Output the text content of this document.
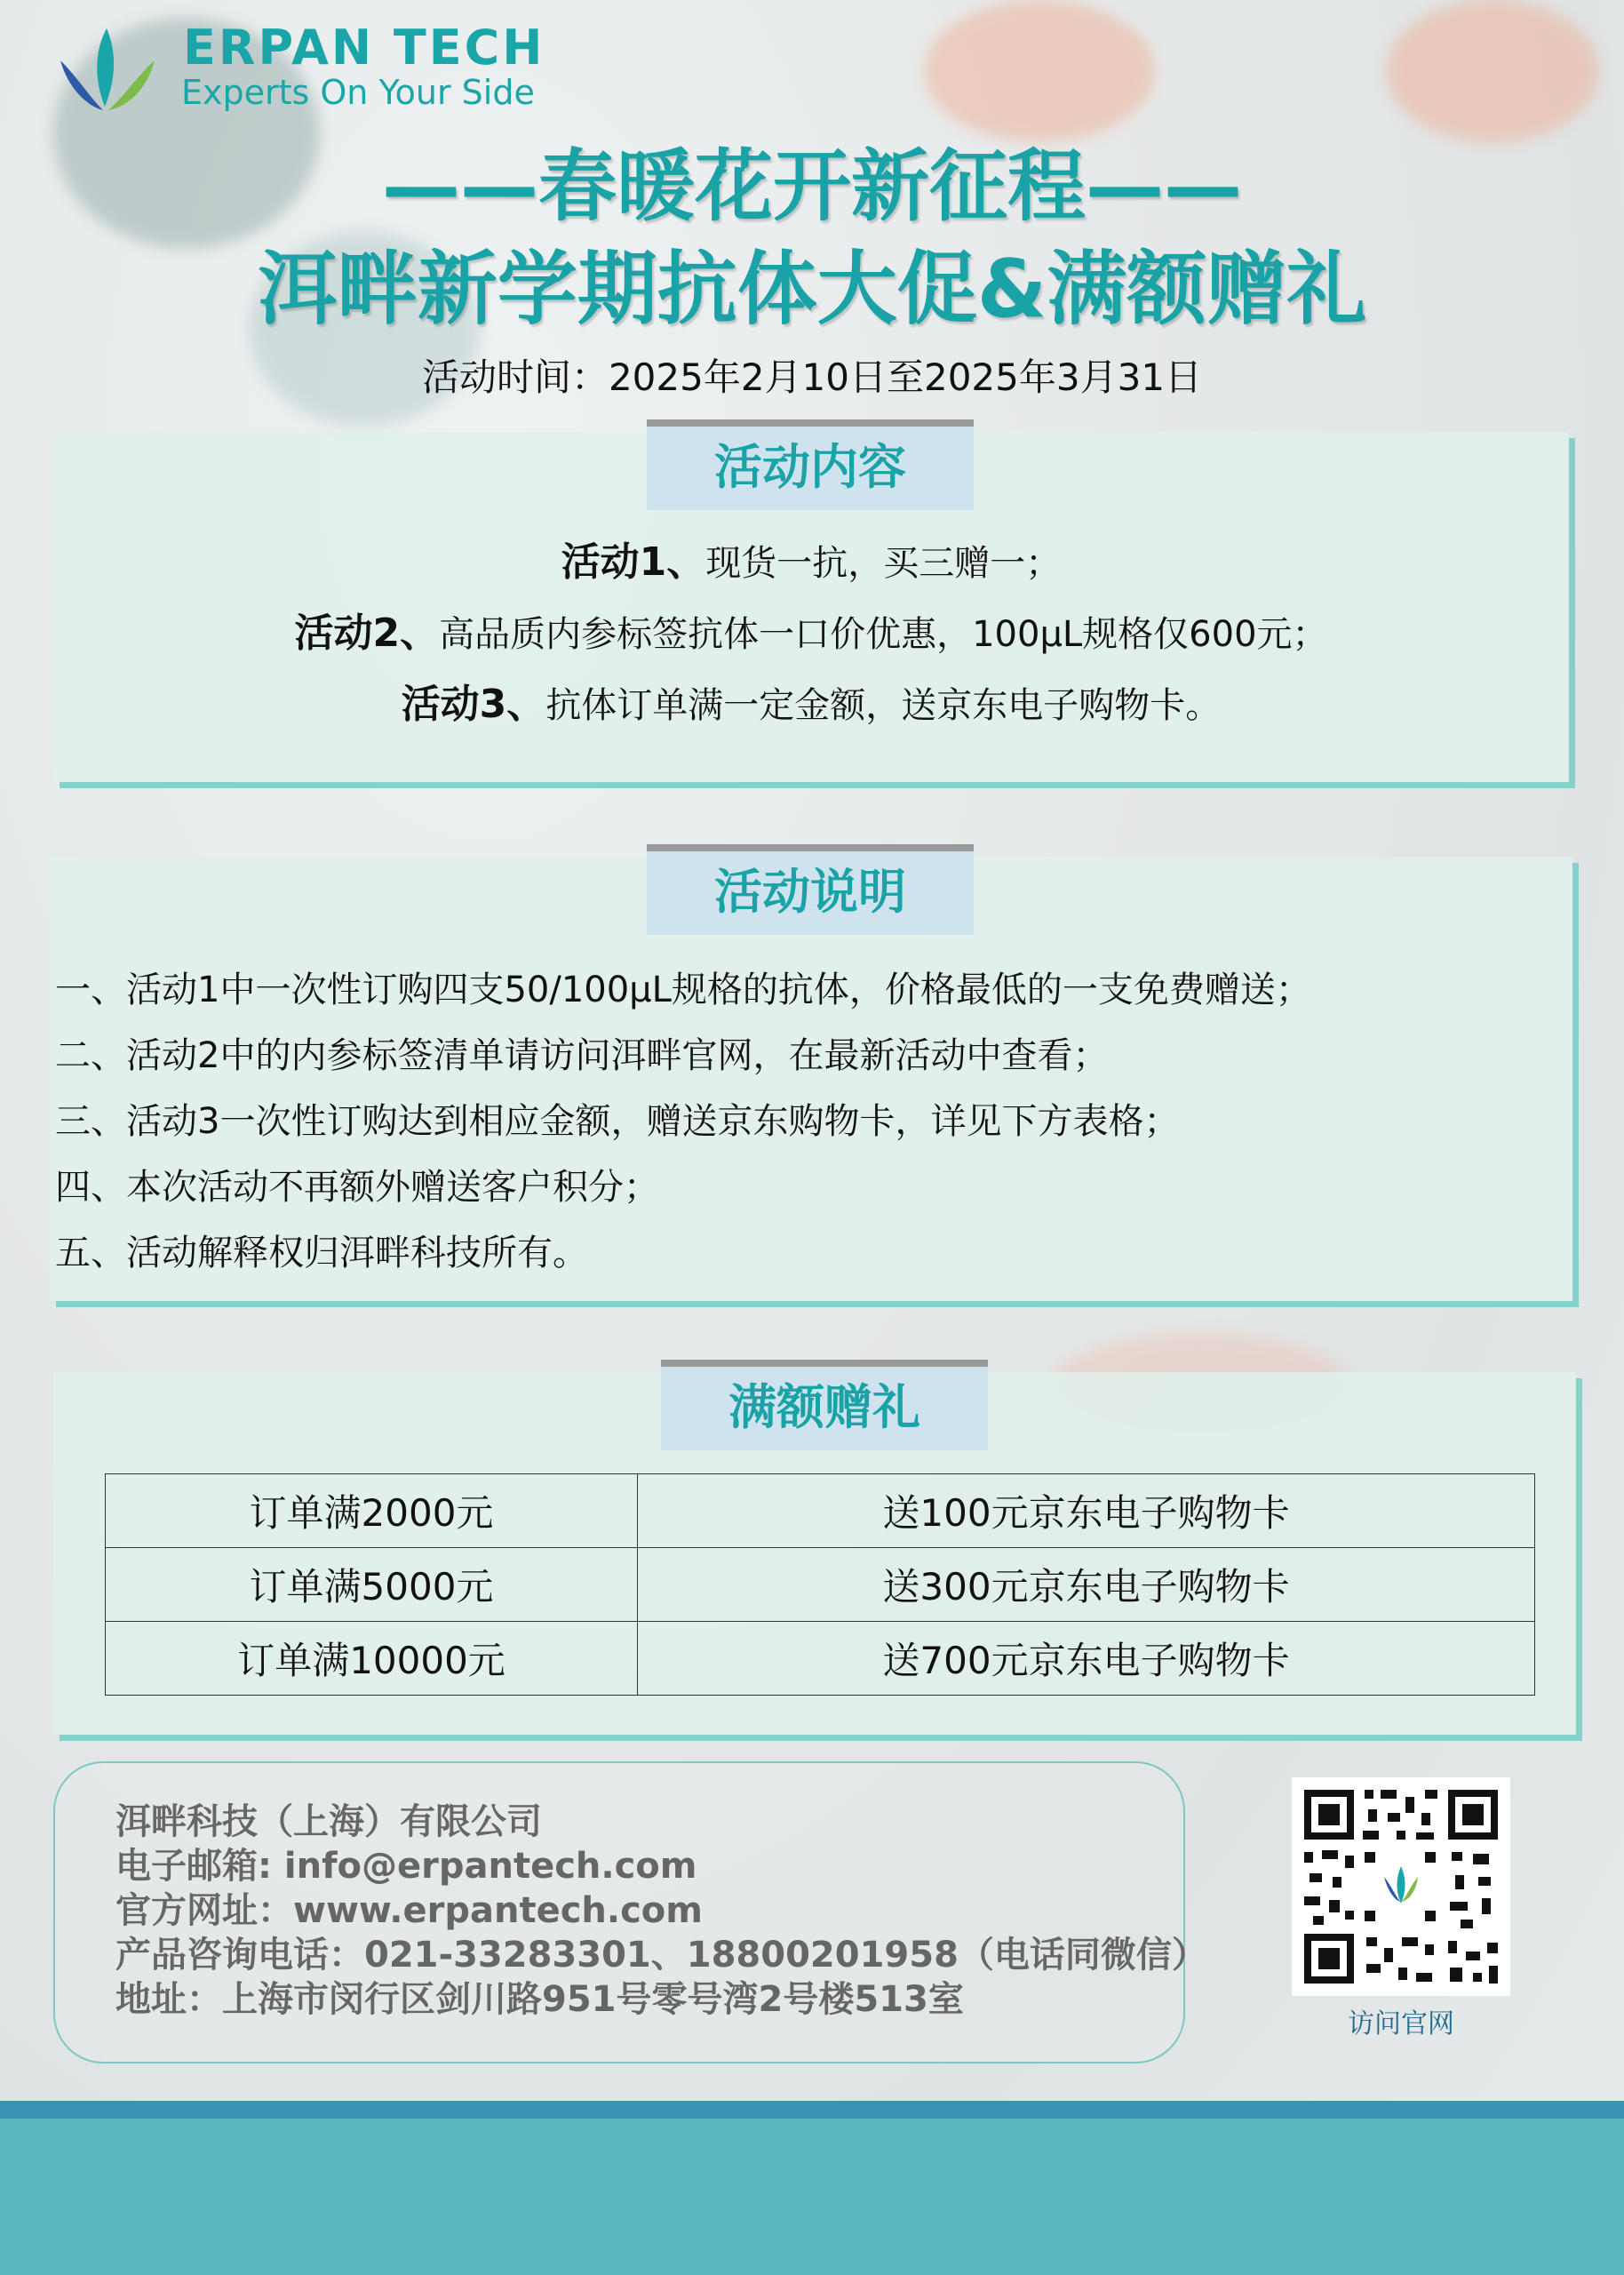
ERPAN TECH
Experts On Your Side
——春暖花开新征程——
洱畔新学期抗体大促&满额赠礼
活动时间：2025年2月10日至2025年3月31日
活动内容
活动1、现货一抗，买三赠一；
活动2、高品质内参标签抗体一口价优惠，100μL规格仅600元；
活动3、抗体订单满一定金额，送京东电子购物卡。
活动说明
一、活动1中一次性订购四支50/100μL规格的抗体，价格最低的一支免费赠送；
二、活动2中的内参标签清单请访问洱畔官网，在最新活动中查看；
三、活动3一次性订购达到相应金额，赠送京东购物卡，详见下方表格；
四、本次活动不再额外赠送客户积分；
五、活动解释权归洱畔科技所有。
满额赠礼
订单满2000元	送100元京东电子购物卡
订单满5000元	送300元京东电子购物卡
订单满10000元	送700元京东电子购物卡
洱畔科技（上海）有限公司
电子邮箱: info@erpantech.com
官方网址：www.erpantech.com
产品咨询电话：021-33283301、18800201958（电话同微信）
地址：上海市闵行区剑川路951号零号湾2号楼513室
访问官网
